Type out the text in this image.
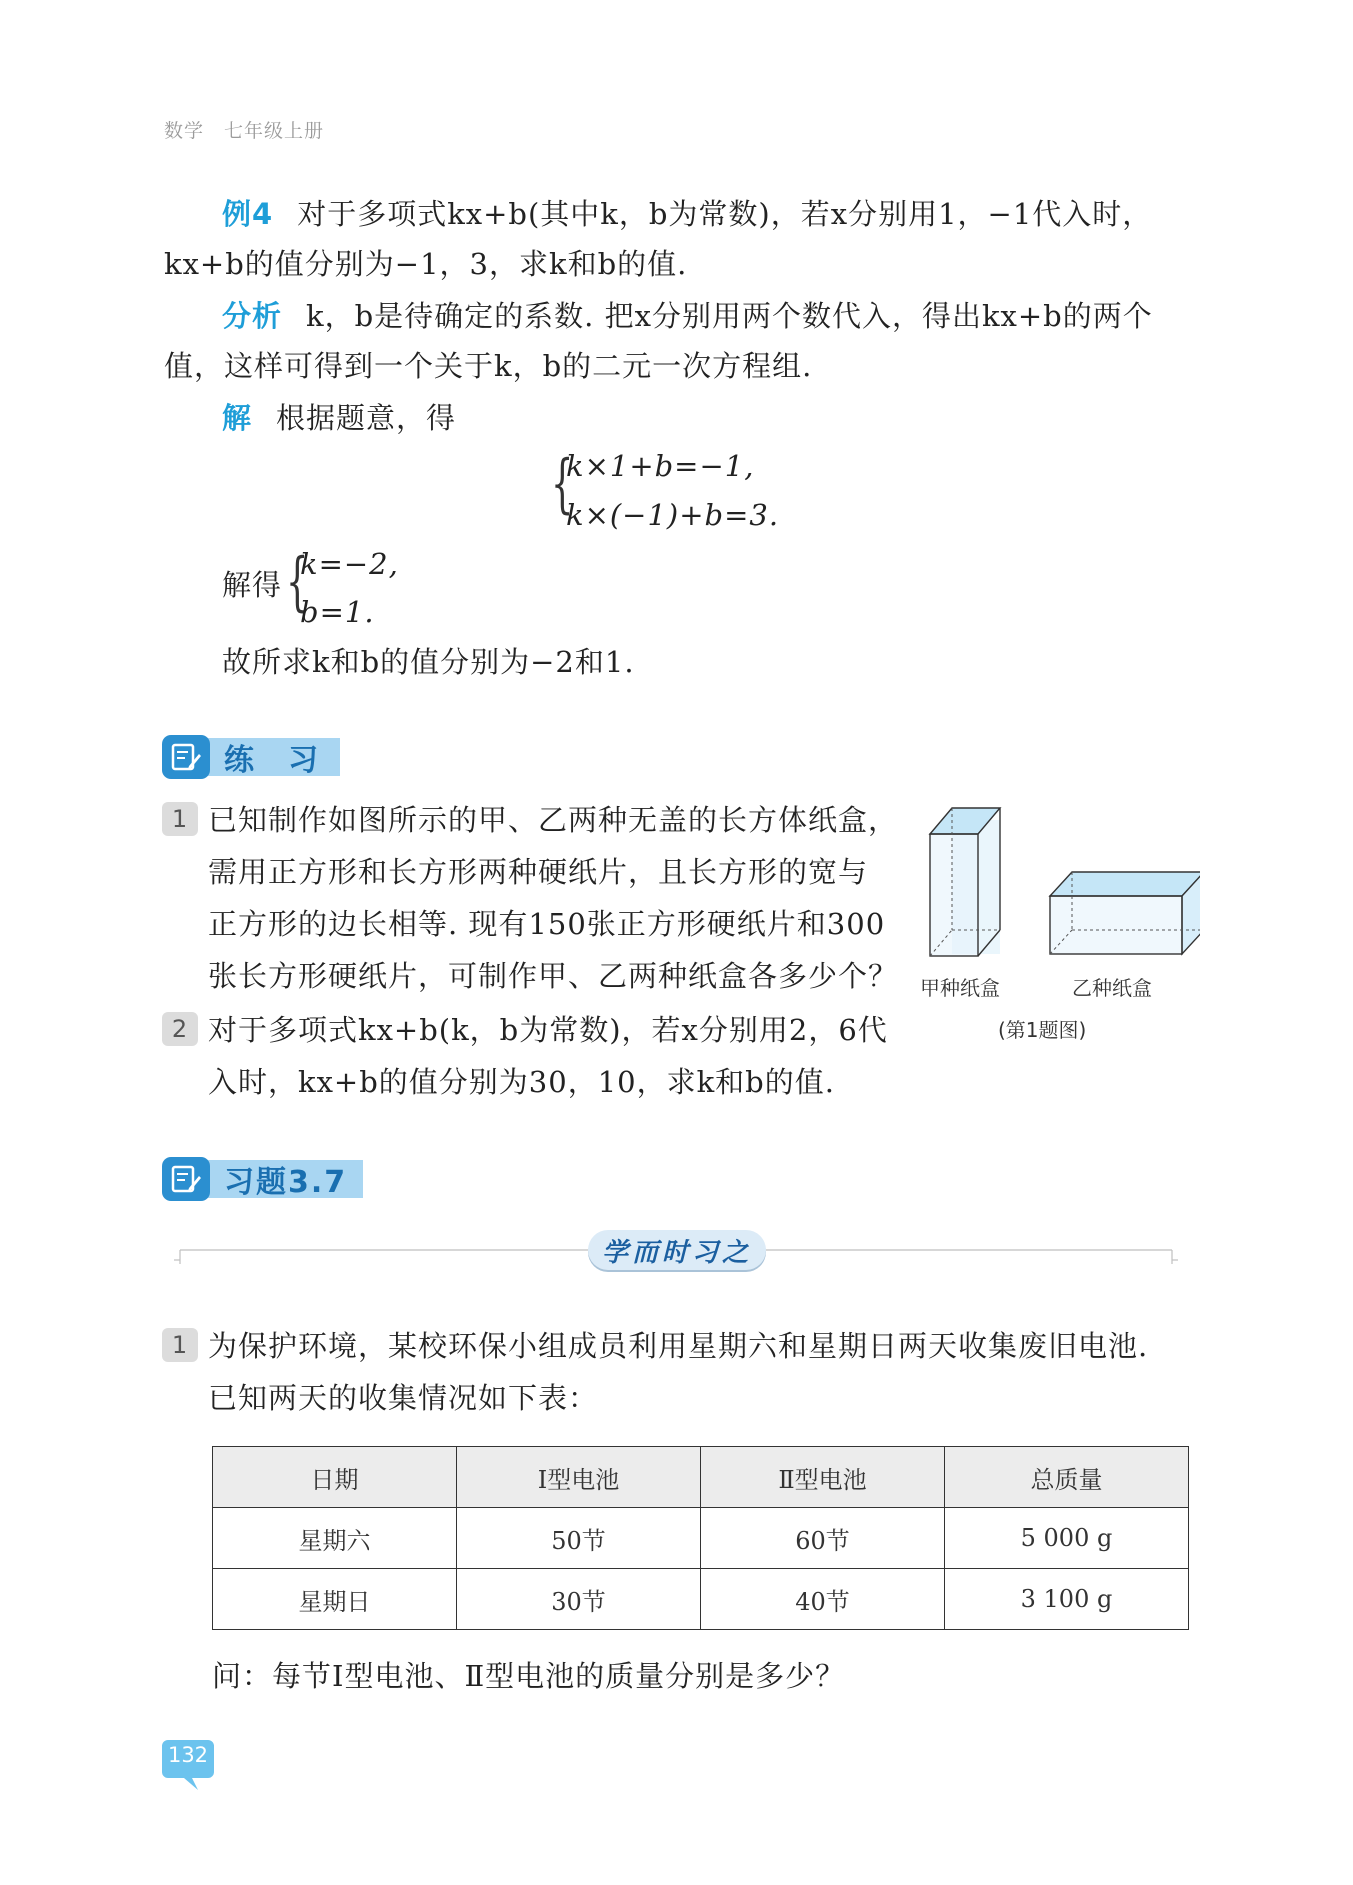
数学 七年级上册
例4 对于多项式kx+b(其中k，b为常数)，若x分别用1，−1代入时，
kx+b的值分别为−1，3，求k和b的值.
分析 k，b是待确定的系数. 把x分别用两个数代入，得出kx+b的两个
值，这样可得到一个关于k，b的二元一次方程组.
解 根据题意，得
{
k×1+b=−1,
k×(−1)+b=3.
解得 {
k=−2,
b=1.
故所求k和b的值分别为−2和1.
练　习
1 已知制作如图所示的甲、乙两种无盖的长方体纸盒，
需用正方形和长方形两种硬纸片，且长方形的宽与
正方形的边长相等. 现有150张正方形硬纸片和300
张长方形硬纸片，可制作甲、乙两种纸盒各多少个？
2 对于多项式kx+b(k，b为常数)，若x分别用2，6代
入时，kx+b的值分别为30，10，求k和b的值.
甲种纸盒	乙种纸盒
(第1题图)
习题3.7
学而时习之
1 为保护环境，某校环保小组成员利用星期六和星期日两天收集废旧电池.
已知两天的收集情况如下表：
日期	Ⅰ型电池	Ⅱ型电池	总质量
星期六	50节	60节	5 000 g
星期日	30节	40节	3 100 g
问：每节Ⅰ型电池、Ⅱ型电池的质量分别是多少？
132
